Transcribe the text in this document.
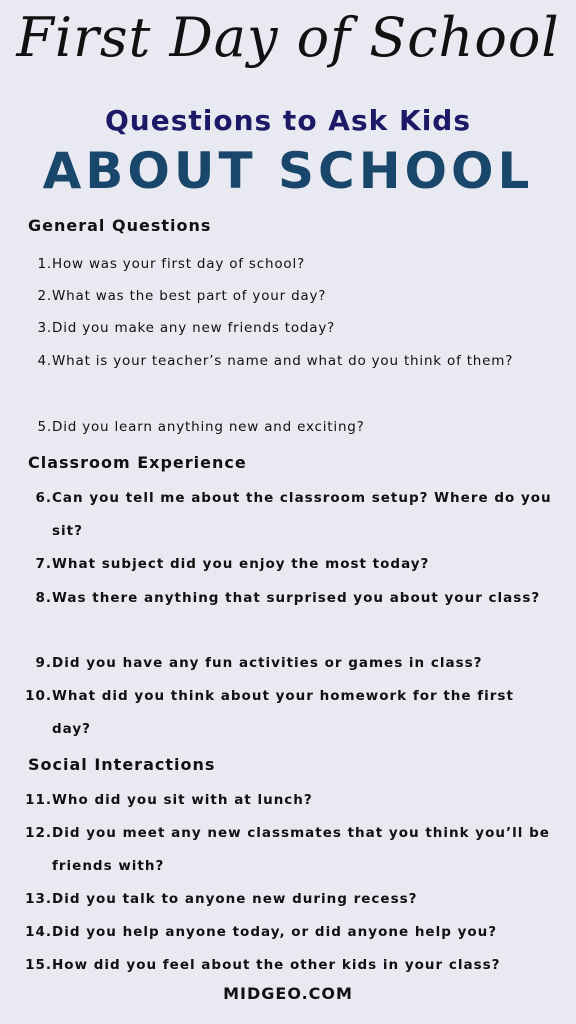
First Day of School
Questions to Ask Kids
ABOUT SCHOOL
General Questions
1. How was your first day of school?
2. What was the best part of your day?
3. Did you make any new friends today?
4. What is your teacher’s name and what do you think of them?
5. Did you learn anything new and exciting?
Classroom Experience
6. Can you tell me about the classroom setup? Where do you sit?
7. What subject did you enjoy the most today?
8. Was there anything that surprised you about your class?
9. Did you have any fun activities or games in class?
10. What did you think about your homework for the first day?
Social Interactions
11. Who did you sit with at lunch?
12. Did you meet any new classmates that you think you’ll be friends with?
13. Did you talk to anyone new during recess?
14. Did you help anyone today, or did anyone help you?
15. How did you feel about the other kids in your class?
MIDGEO.COM
